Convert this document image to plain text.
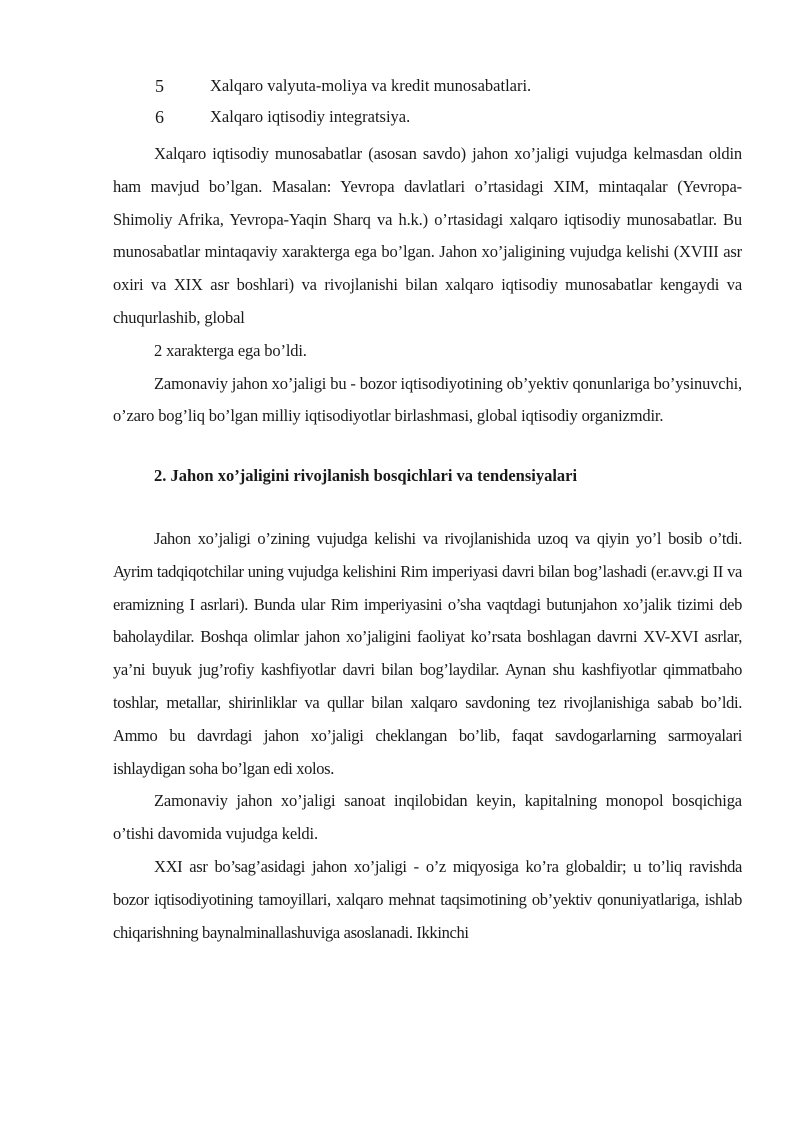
5	Xalqaro valyuta-moliya va kredit munosabatlari.
6	Xalqaro iqtisodiy integratsiya.

Xalqaro iqtisodiy munosabatlar (asosan savdo) jahon xo’jaligi vujudga kelmasdan oldin ham mavjud bo’lgan. Masalan: Yevropa davlatlari o’rtasidagi XIM, mintaqalar (Yevropa-Shimoliy Afrika, Yevropa-Yaqin Sharq va h.k.) o’rtasidagi xalqaro iqtisodiy munosabatlar. Bu munosabatlar mintaqaviy xarakterga ega bo’lgan. Jahon xo’jaligining vujudga kelishi (XVIII asr oxiri va XIX asr boshlari) va rivojlanishi bilan xalqaro iqtisodiy munosabatlar kengaydi va chuqurlashib, global

2 xarakterga ega bo’ldi.

Zamonaviy jahon xo’jaligi bu - bozor iqtisodiyotining ob’yektiv qonunlariga bo’ysinuvchi, o’zaro bog’liq bo’lgan milliy iqtisodiyotlar birlashmasi, global iqtisodiy organizmdir.

2. Jahon xo’jaligini rivojlanish bosqichlari va tendensiyalari

Jahon xo’jaligi o’zining vujudga kelishi va rivojlanishida uzoq va qiyin yo’l bosib o’tdi. Ayrim tadqiqotchilar uning vujudga kelishini Rim imperiyasi davri bilan bog’lashadi (er.avv.gi II va eramizning I asrlari). Bunda ular Rim imperiyasini o’sha vaqtdagi butunjahon xo’jalik tizimi deb baholaydilar. Boshqa olimlar jahon xo’jaligini faoliyat ko’rsata boshlagan davrni XV-XVI asrlar, ya’ni buyuk jug’rofiy kashfiyotlar davri bilan bog’laydilar. Aynan shu kashfiyotlar qimmatbaho toshlar, metallar, shirinliklar va qullar bilan xalqaro savdoning tez rivojlanishiga sabab bo’ldi. Ammo bu davrdagi jahon xo’jaligi cheklangan bo’lib, faqat savdogarlarning sarmoyalari ishlaydigan soha bo’lgan edi xolos.

Zamonaviy jahon xo’jaligi sanoat inqilobidan keyin, kapitalning monopol bosqichiga o’tishi davomida vujudga keldi.

XXI asr bo’sag’asidagi jahon xo’jaligi - o’z miqyosiga ko’ra globaldir; u to’liq ravishda bozor iqtisodiyotining tamoyillari, xalqaro mehnat taqsimotining ob’yektiv qonuniyatlariga, ishlab chiqarishning baynalminallashuviga asoslanadi. Ikkinchi
